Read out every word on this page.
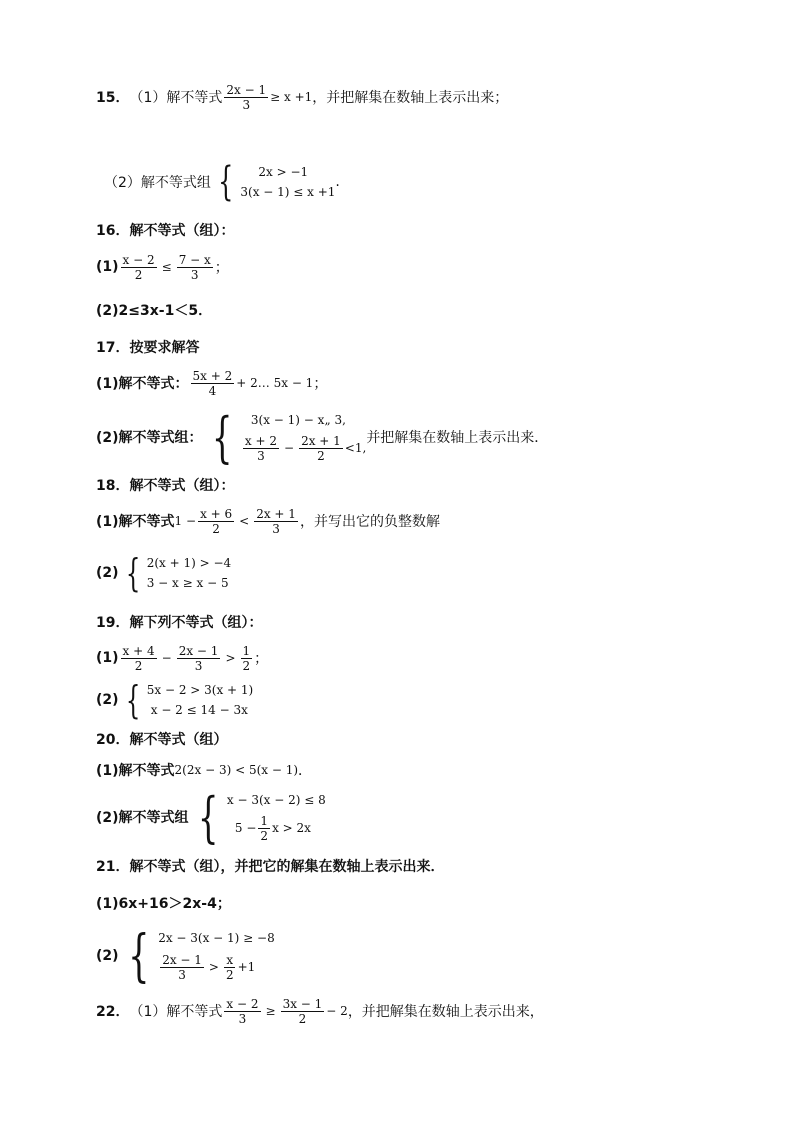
15． （1）解不等式 $\frac{2x - 1}{3} \ge x +1$ ，并把解集在数轴上表示出来；
（2）解不等式组 {	2x > −1
3(x − 1) ≤ x +1
.
16．解不等式（组）：
$(1) \frac{x - 2}{2} \le \frac{7 - x}{3}$ ；
(2)2≤3x-1＜5．
17．按要求解答
(1)解不等式： $\frac{5x + 2}{4}$ + 2… 5x − 1 ；
(2)解不等式组： {	3(x − 1) − x„ 3,
$\frac{x + 2}{3} - \frac{2x + 1}{2} <1$,
并把解集在数轴上表示出来．
18．解不等式（组）：
(1)解不等式 $1 - \frac{x + 6}{2} < \frac{2x + 1}{3}$ ，并写出它的负整数解
(2) { 2(x + 1) > −4
3 − x ≥ x − 5
19．解下列不等式（组）：
$(1) \frac{x + 4}{2} - \frac{2x - 1}{3} > \frac{1}{2}$ ；
(2) { 5x − 2 > 3(x + 1)
x − 2 ≤ 14 − 3x
20．解不等式（组）
(1)解不等式 2(2x − 3) < 5(x − 1) ．
(2)解不等式组 { x − 3(x − 2) ≤ 8
$5 - \frac{1}{2}$ x > 2x
21．解不等式（组），并把它的解集在数轴上表示出来．
(1)6x+16＞2x-4；
(2) { 2x − 3(x − 1) ≥ −8
$\frac{2x - 1}{3} > \frac{x}{2} +1$
22． （1）解不等式 $\frac{x - 2}{3} \ge \frac{3x - 1}{2} - 2$ ，并把解集在数轴上表示出来，
